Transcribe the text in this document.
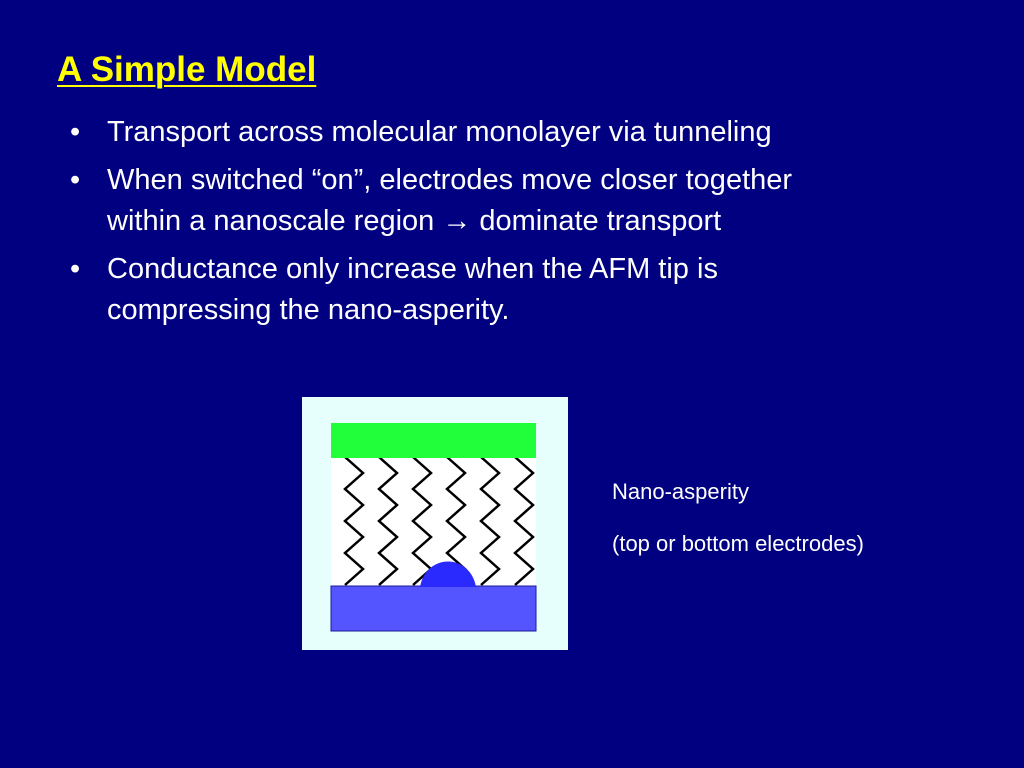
A Simple Model
• Transport across molecular monolayer via tunneling
• When switched “on”, electrodes move closer together
within a nanoscale region → dominate transport
• Conductance only increase when the AFM tip is
compressing the nano-asperity.
Nano-asperity
(top or bottom electrodes)
